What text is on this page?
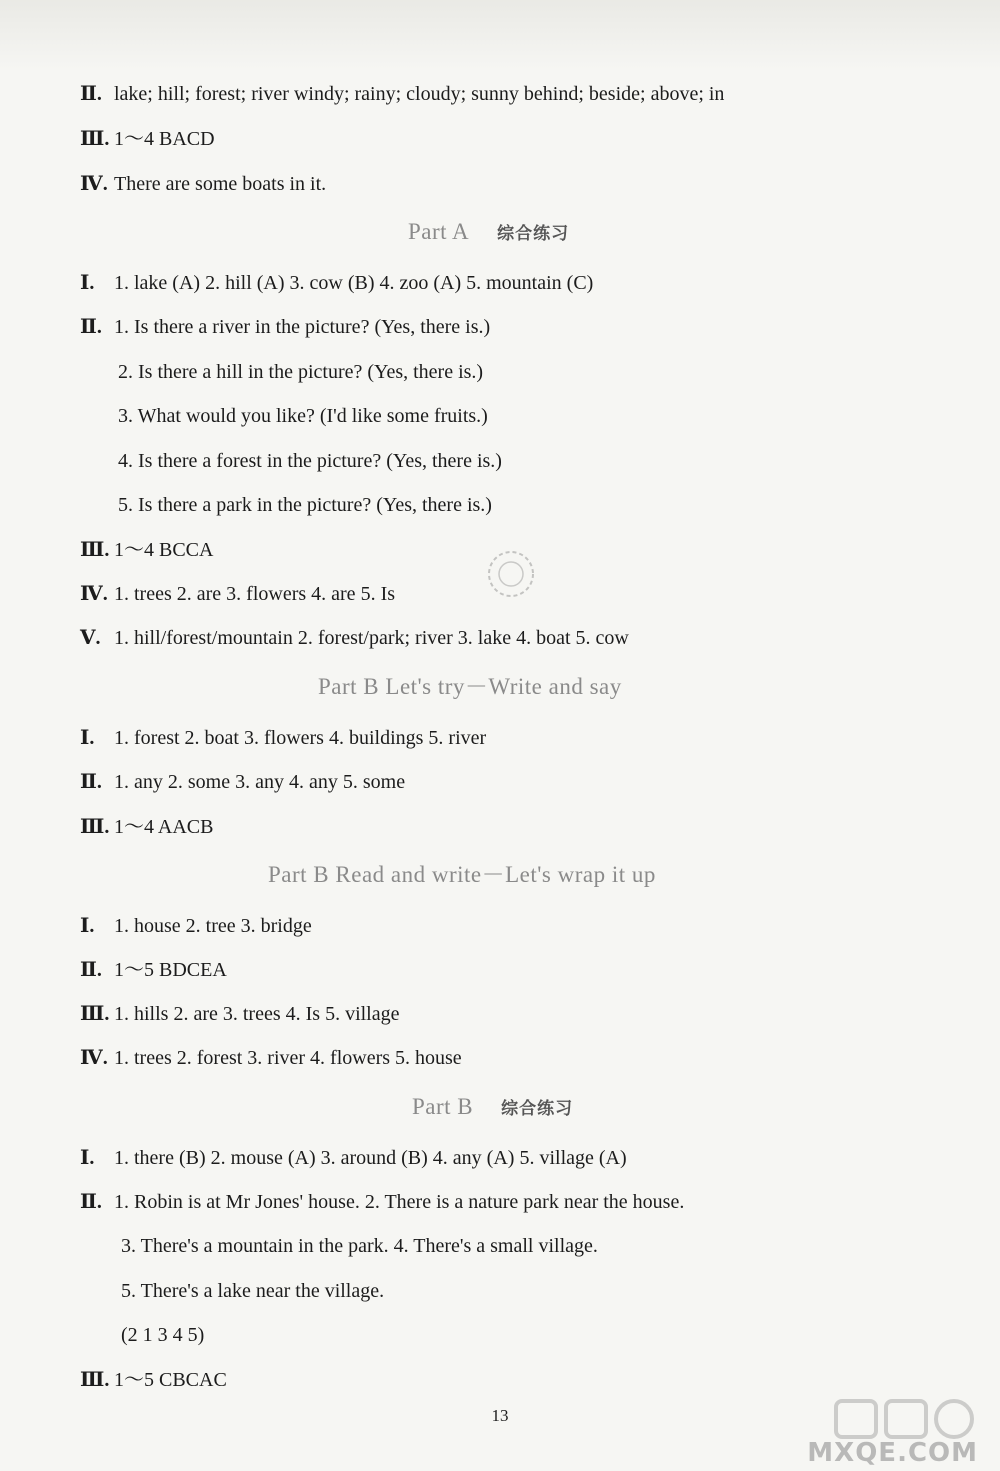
Ⅱ. lake; hill; forest; river windy; rainy; cloudy; sunny behind; beside; above; in
Ⅲ. 1～4 BACD
Ⅳ. There are some boats in it.
Part A 综合练习
Ⅰ. 1. lake (A) 2. hill (A) 3. cow (B) 4. zoo (A) 5. mountain (C)
Ⅱ. 1. Is there a river in the picture? (Yes, there is.)
2. Is there a hill in the picture? (Yes, there is.)
3. What would you like? (I'd like some fruits.)
4. Is there a forest in the picture? (Yes, there is.)
5. Is there a park in the picture? (Yes, there is.)
Ⅲ. 1～4 BCCA
Ⅳ. 1. trees 2. are 3. flowers 4. are 5. Is
Ⅴ. 1. hill/forest/mountain 2. forest/park; river 3. lake 4. boat 5. cow
Part B Let's try－Write and say
Ⅰ. 1. forest 2. boat 3. flowers 4. buildings 5. river
Ⅱ. 1. any 2. some 3. any 4. any 5. some
Ⅲ. 1～4 AACB
Part B Read and write－Let's wrap it up
Ⅰ. 1. house 2. tree 3. bridge
Ⅱ. 1～5 BDCEA
Ⅲ. 1. hills 2. are 3. trees 4. Is 5. village
Ⅳ. 1. trees 2. forest 3. river 4. flowers 5. house
Part B 综合练习
Ⅰ. 1. there (B) 2. mouse (A) 3. around (B) 4. any (A) 5. village (A)
Ⅱ. 1. Robin is at Mr Jones' house. 2. There is a nature park near the house.
3. There's a mountain in the park. 4. There's a small village.
5. There's a lake near the village.
(2 1 3 4 5)
Ⅲ. 1～5 CBCAC
13
MXQE.COM
